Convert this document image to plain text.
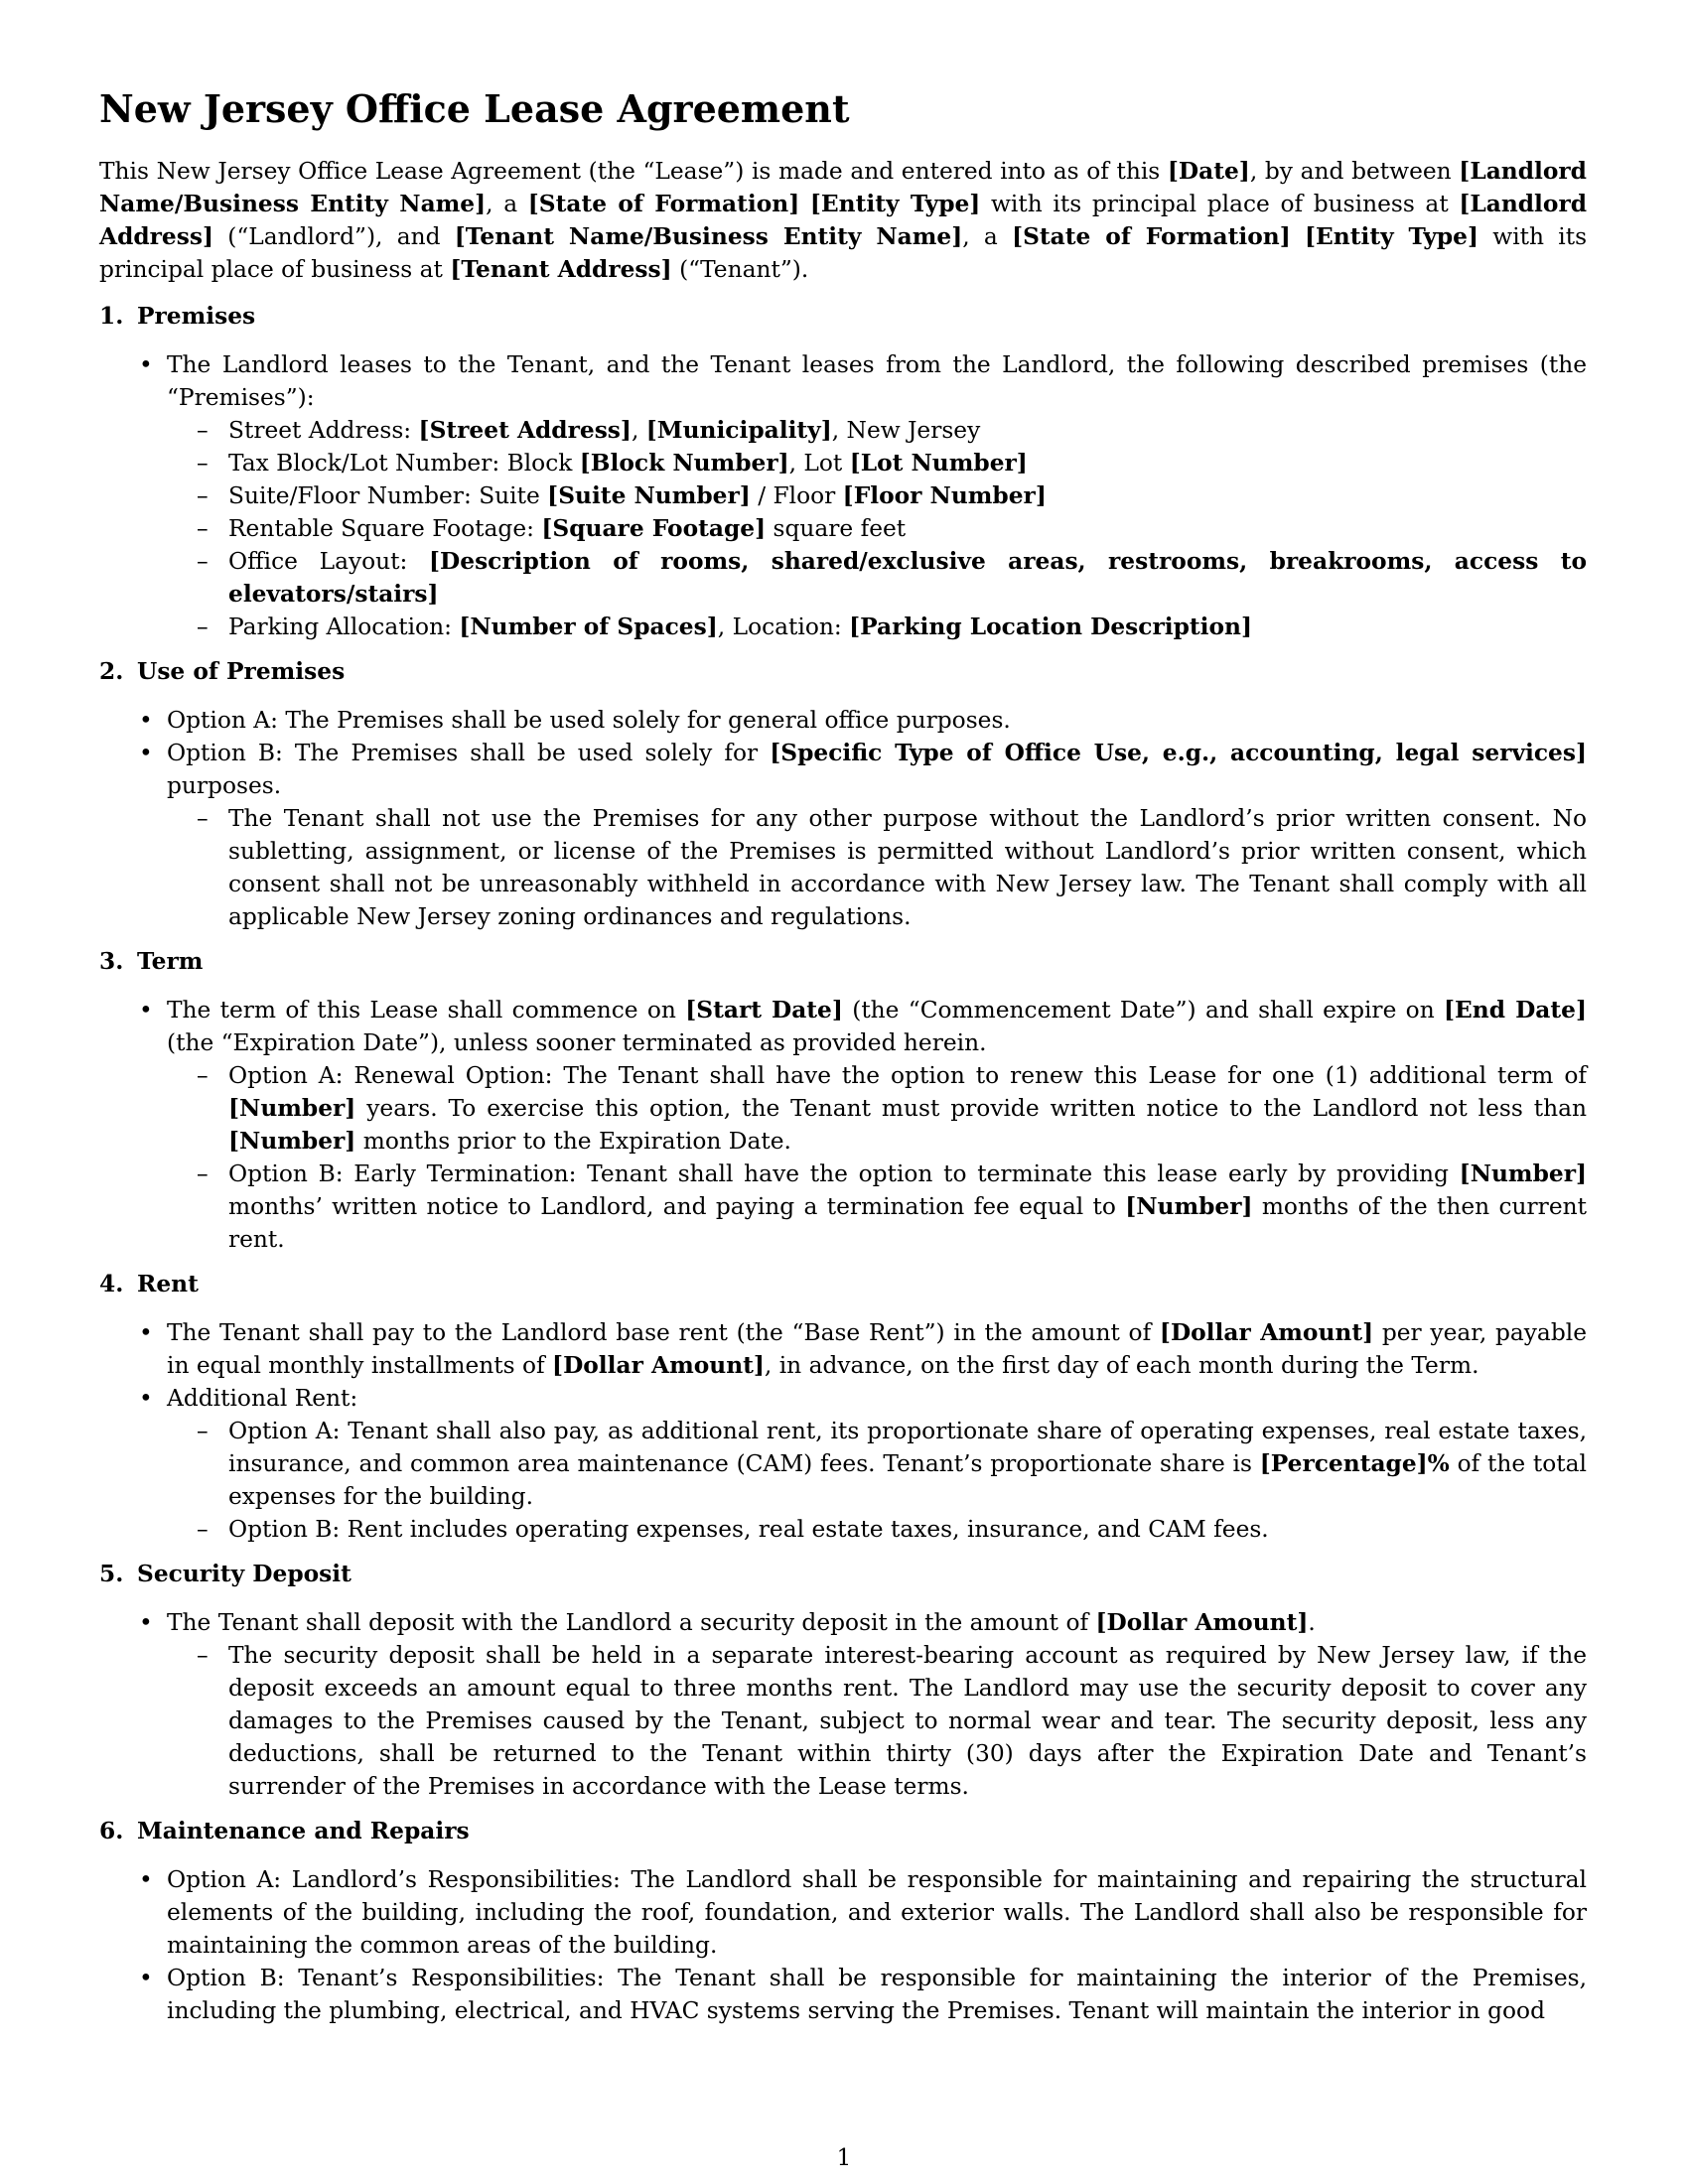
New Jersey Office Lease Agreement

This New Jersey Office Lease Agreement (the “Lease”) is made and entered into as of this [Date], by and between [Landlord Name/Business Entity Name], a [State of Formation] [Entity Type] with its principal place of business at [Landlord Address] (“Landlord”), and [Tenant Name/Business Entity Name], a [State of Formation] [Entity Type] with its principal place of business at [Tenant Address] (“Tenant”).

1. Premises
• The Landlord leases to the Tenant, and the Tenant leases from the Landlord, the following described premises (the “Premises”):
– Street Address: [Street Address], [Municipality], New Jersey
– Tax Block/Lot Number: Block [Block Number], Lot [Lot Number]
– Suite/Floor Number: Suite [Suite Number] / Floor [Floor Number]
– Rentable Square Footage: [Square Footage] square feet
– Office Layout: [Description of rooms, shared/exclusive areas, restrooms, breakrooms, access to elevators/stairs]
– Parking Allocation: [Number of Spaces], Location: [Parking Location Description]
2. Use of Premises
• Option A: The Premises shall be used solely for general office purposes.
• Option B: The Premises shall be used solely for [Specific Type of Office Use, e.g., accounting, legal services] purposes.
– The Tenant shall not use the Premises for any other purpose without the Landlord’s prior written consent. No subletting, assignment, or license of the Premises is permitted without Landlord’s prior written consent, which consent shall not be unreasonably withheld in accordance with New Jersey law. The Tenant shall comply with all applicable New Jersey zoning ordinances and regulations.
3. Term
• The term of this Lease shall commence on [Start Date] (the “Commencement Date”) and shall expire on [End Date] (the “Expiration Date”), unless sooner terminated as provided herein.
– Option A: Renewal Option: The Tenant shall have the option to renew this Lease for one (1) additional term of [Number] years. To exercise this option, the Tenant must provide written notice to the Landlord not less than [Number] months prior to the Expiration Date.
– Option B: Early Termination: Tenant shall have the option to terminate this lease early by providing [Number] months’ written notice to Landlord, and paying a termination fee equal to [Number] months of the then current rent.
4. Rent
• The Tenant shall pay to the Landlord base rent (the “Base Rent”) in the amount of [Dollar Amount] per year, payable in equal monthly installments of [Dollar Amount], in advance, on the first day of each month during the Term.
• Additional Rent:
– Option A: Tenant shall also pay, as additional rent, its proportionate share of operating expenses, real estate taxes, insurance, and common area maintenance (CAM) fees. Tenant’s proportionate share is [Percentage]% of the total expenses for the building.
– Option B: Rent includes operating expenses, real estate taxes, insurance, and CAM fees.
5. Security Deposit
• The Tenant shall deposit with the Landlord a security deposit in the amount of [Dollar Amount].
– The security deposit shall be held in a separate interest-bearing account as required by New Jersey law, if the deposit exceeds an amount equal to three months rent. The Landlord may use the security deposit to cover any damages to the Premises caused by the Tenant, subject to normal wear and tear. The security deposit, less any deductions, shall be returned to the Tenant within thirty (30) days after the Expiration Date and Tenant’s surrender of the Premises in accordance with the Lease terms.
6. Maintenance and Repairs
• Option A: Landlord’s Responsibilities: The Landlord shall be responsible for maintaining and repairing the structural elements of the building, including the roof, foundation, and exterior walls. The Landlord shall also be responsible for maintaining the common areas of the building.
• Option B: Tenant’s Responsibilities: The Tenant shall be responsible for maintaining the interior of the Premises, including the plumbing, electrical, and HVAC systems serving the Premises. Tenant will maintain the interior in good
1
